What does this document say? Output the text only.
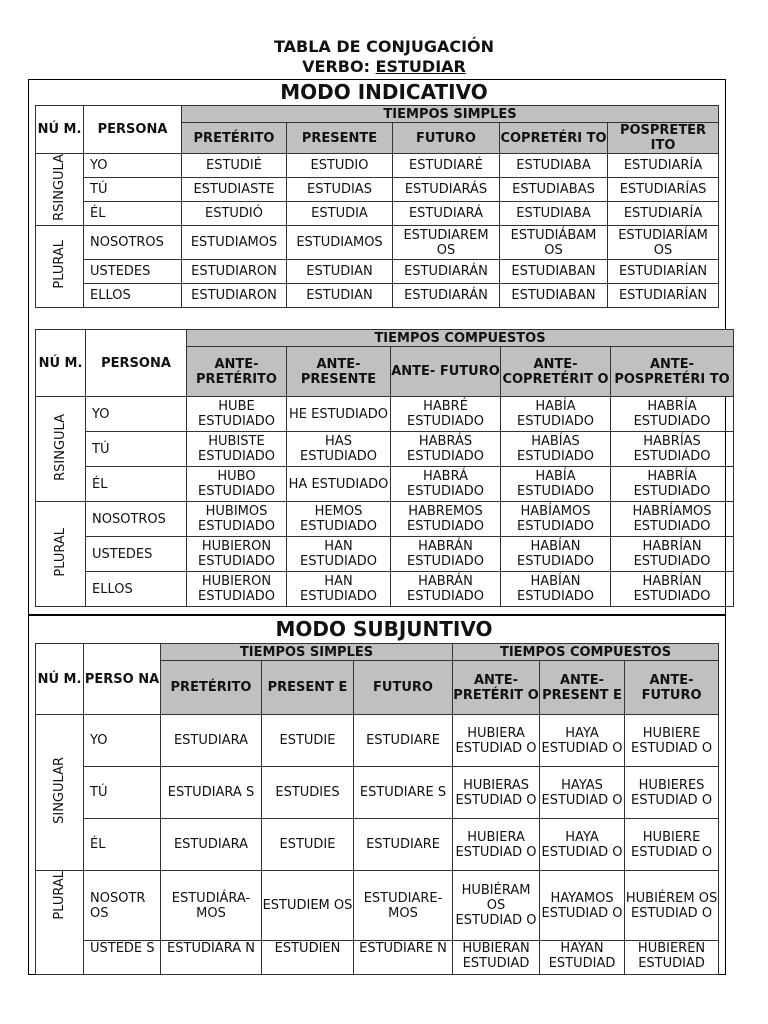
TABLA DE CONJUGACIÓN
VERBO: ESTUDIAR
MODO INDICATIVO
NÚ M.	PERSONA	TIEMPOS SIMPLES				
		PRETÉRITO	PRESENTE	FUTURO	COPRETÉRI TO	POSPRETÉR ITO
RSINGULA	YO	ESTUDIÉ	ESTUDIO	ESTUDIARÉ	ESTUDIABA	ESTUDIARÍA
	TÚ	ESTUDIASTE	ESTUDIAS	ESTUDIARÁS	ESTUDIABAS	ESTUDIARÍAS
	ÉL	ESTUDIÓ	ESTUDIA	ESTUDIARÁ	ESTUDIABA	ESTUDIARÍA
PLURAL	NOSOTROS	ESTUDIAMOS	ESTUDIAMOS	ESTUDIAREM OS	ESTUDIÁBAM OS	ESTUDIARÍAM OS
	USTEDES	ESTUDIARON	ESTUDIAN	ESTUDIARÁN	ESTUDIABAN	ESTUDIARÍAN
	ELLOS	ESTUDIARON	ESTUDIAN	ESTUDIARÁN	ESTUDIABAN	ESTUDIARÍAN
NÚ M.	PERSONA	TIEMPOS COMPUESTOS				
		ANTE- PRETÉRITO	ANTE- PRESENTE	ANTE- FUTURO	ANTE- COPRETÉRIT O	ANTE- POSPRETÉRI TO
RSINGULA	YO	HUBE ESTUDIADO	HE ESTUDIADO	HABRÉ ESTUDIADO	HABÍA ESTUDIADO	HABRÍA ESTUDIADO
	TÚ	HUBISTE ESTUDIADO	HAS ESTUDIADO	HABRÁS ESTUDIADO	HABÍAS ESTUDIADO	HABRÍAS ESTUDIADO
	ÉL	HUBO ESTUDIADO	HA ESTUDIADO	HABRÁ ESTUDIADO	HABÍA ESTUDIADO	HABRÍA ESTUDIADO
PLURAL	NOSOTROS	HUBIMOS ESTUDIADO	HEMOS ESTUDIADO	HABREMOS ESTUDIADO	HABÍAMOS ESTUDIADO	HABRÍAMOS ESTUDIADO
	USTEDES	HUBIERON ESTUDIADO	HAN ESTUDIADO	HABRÁN ESTUDIADO	HABÍAN ESTUDIADO	HABRÍAN ESTUDIADO
	ELLOS	HUBIERON ESTUDIADO	HAN ESTUDIADO	HABRÁN ESTUDIADO	HABÍAN ESTUDIADO	HABRÍAN ESTUDIADO
MODO SUBJUNTIVO
NÚ M.	PERSO NA	TIEMPOS SIMPLES			TIEMPOS COMPUESTOS		
		PRETÉRITO	PRESENT E	FUTURO	ANTE- PRETÉRIT O	ANTE- PRESENT E	ANTE- FUTURO
SINGULAR	YO	ESTUDIARA	ESTUDIE	ESTUDIARE	HUBIERA ESTUDIAD O	HAYA ESTUDIAD O	HUBIERE ESTUDIAD O
	TÚ	ESTUDIARA S	ESTUDIES	ESTUDIARE S	HUBIERAS ESTUDIAD O	HAYAS ESTUDIAD O	HUBIERES ESTUDIAD O
	ÉL	ESTUDIARA	ESTUDIE	ESTUDIARE	HUBIERA ESTUDIAD O	HAYA ESTUDIAD O	HUBIERE ESTUDIAD O
PLURAL	NOSOTR OS	ESTUDIÁRA- MOS	ESTUDIEM OS	ESTUDIARE- MOS	HUBIÉRAM OS ESTUDIAD O	HAYAMOS ESTUDIAD O	HUBIÉREM OS ESTUDIAD O
	USTEDE S	ESTUDIARA N	ESTUDIEN	ESTUDIARE N	HUBIERAN ESTUDIAD	HAYAN ESTUDIAD	HUBIEREN ESTUDIAD
